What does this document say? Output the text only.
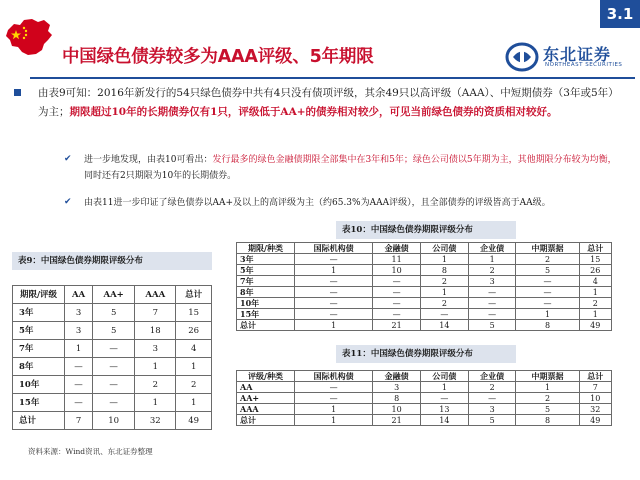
3.1
中国绿色债券较多为AAA评级、5年期限	东北证券
NORTHEAST SECURITIES
由表9可知：2016年新发行的54只绿色债券中共有4只没有债项评级，其余49只以高评级（AAA）、中短期债券（3年或5年）为主；期限超过10年的长期债券仅有1只，评级低于AA+的债券相对较少，可见当前绿色债券的资质相对较好。
✔ 进一步地发现，由表10可看出：发行最多的绿色金融债期限全部集中在3年和5年；绿色公司债以5年期为主，其他期限分布较为均衡，同时还有2只期限为10年的长期债券。
✔ 由表11进一步印证了绿色债券以AA+及以上的高评级为主（约65.3%为AAA评级），且全部债券的评级皆高于AA级。
表9：中国绿色债券期限评级分布
期限/评级	AA	AA+	AAA	总计
3年	3	5	7	15
5年	3	5	18	26
7年	1	—	3	4
8年	—	—	1	1
10年	—	—	2	2
15年	—	—	1	1
总计	7	10	32	49
表10：中国绿色债券期限评级分布
期限/种类	国际机构债	金融债	公司债	企业债	中期票据	总计
3年	—	11	1	1	2	15
5年	1	10	8	2	5	26
7年	—	—	2	3	—	4
8年	—	—	1	—	—	1
10年	—	—	2	—	—	2
15年	—	—	—	—	1	1
总计	1	21	14	5	8	49
表11：中国绿色债券期限评级分布
评级/种类	国际机构债	金融债	公司债	企业债	中期票据	总计
AA	—	3	1	2	1	7
AA+	—	8	—	—	2	10
AAA	1	10	13	3	5	32
总计	1	21	14	5	8	49
资料来源：Wind资讯、东北证券整理
